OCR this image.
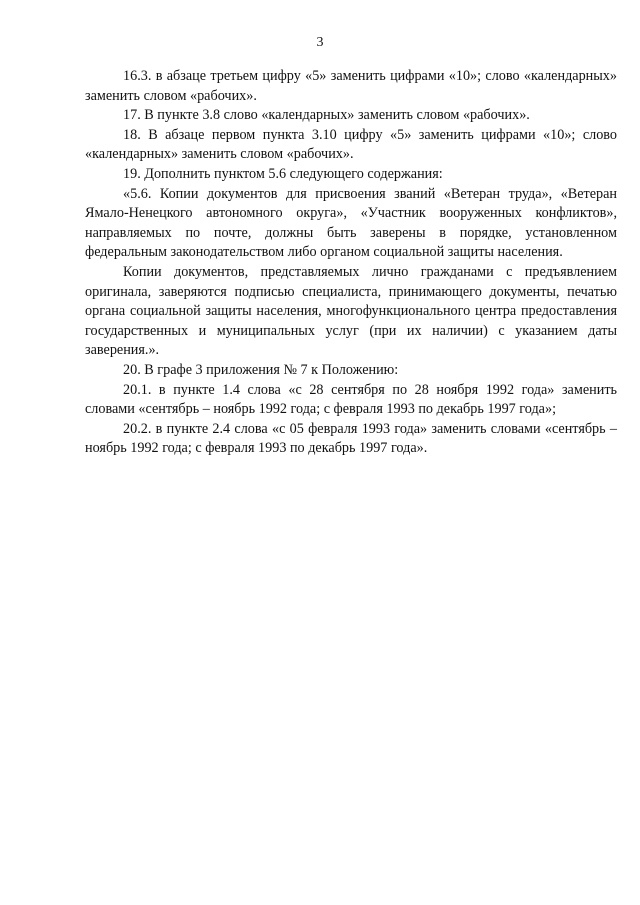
3

16.3. в абзаце третьем цифру «5» заменить цифрами «10»; слово «календарных» заменить словом «рабочих».

17. В пункте 3.8 слово «календарных» заменить словом «рабочих».

18. В абзаце первом пункта 3.10 цифру «5» заменить цифрами «10»; слово «календарных» заменить словом «рабочих».

19. Дополнить пунктом 5.6 следующего содержания:

«5.6. Копии документов для присвоения званий «Ветеран труда», «Ветеран Ямало-Ненецкого автономного округа», «Участник вооруженных конфликтов», направляемых по почте, должны быть заверены в порядке, установленном федеральным законодательством либо органом социальной защиты населения.

Копии документов, представляемых лично гражданами с предъявлением оригинала, заверяются подписью специалиста, принимающего документы, печатью органа социальной защиты населения, многофункционального центра предоставления государственных и муниципальных услуг (при их наличии) с указанием даты заверения.».

20. В графе 3 приложения № 7 к Положению:

20.1. в пункте 1.4 слова «с 28 сентября по 28 ноября 1992 года» заменить словами «сентябрь – ноябрь 1992 года; с февраля 1993 по декабрь 1997 года»;

20.2. в пункте 2.4 слова «с 05 февраля 1993 года» заменить словами «сентябрь – ноябрь 1992 года; с февраля 1993 по декабрь 1997 года».
